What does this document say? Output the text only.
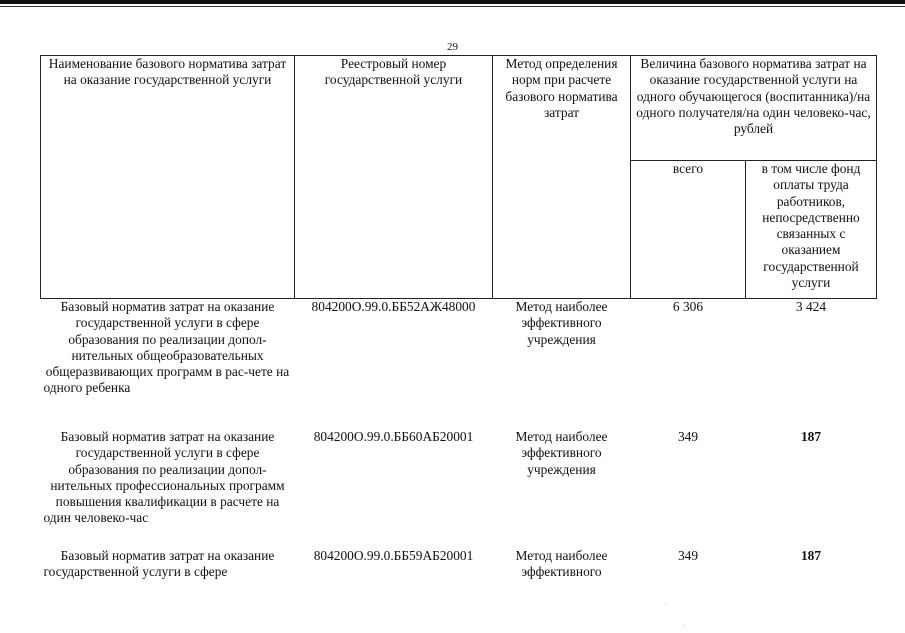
29
Наименование базового норматива затрат на оказание государственной услуги	Реестровый номер государственной услуги	Метод определения норм при расчете базового норматива затрат	Величина базового норматива затрат на оказание государственной услуги на одного обучающегося (воспитанника)/на одного получателя/на один человеко-час, рублей	
			всего	в том числе фонд оплаты труда работников, непосредственно связанных с оказанием государственной услуги
Базовый норматив затрат на оказание государственной услуги в сфере образования по реализации допол-нительных общеобразовательных общеразвивающих программ в рас-чете на одного ребенка	804200О.99.0.ББ52АЖ48000	Метод наиболее эффективного учреждения	6 306	3 424
Базовый норматив затрат на оказание государственной услуги в сфере образования по реализации допол-нительных профессиональных программ повышения квалификации в расчете на один человеко-час	804200О.99.0.ББ60АБ20001	Метод наиболее эффективного учреждения	349	187
Базовый норматив затрат на оказание государственной услуги в сфере	804200О.99.0.ББ59АБ20001	Метод наиболее эффективного	349	187
